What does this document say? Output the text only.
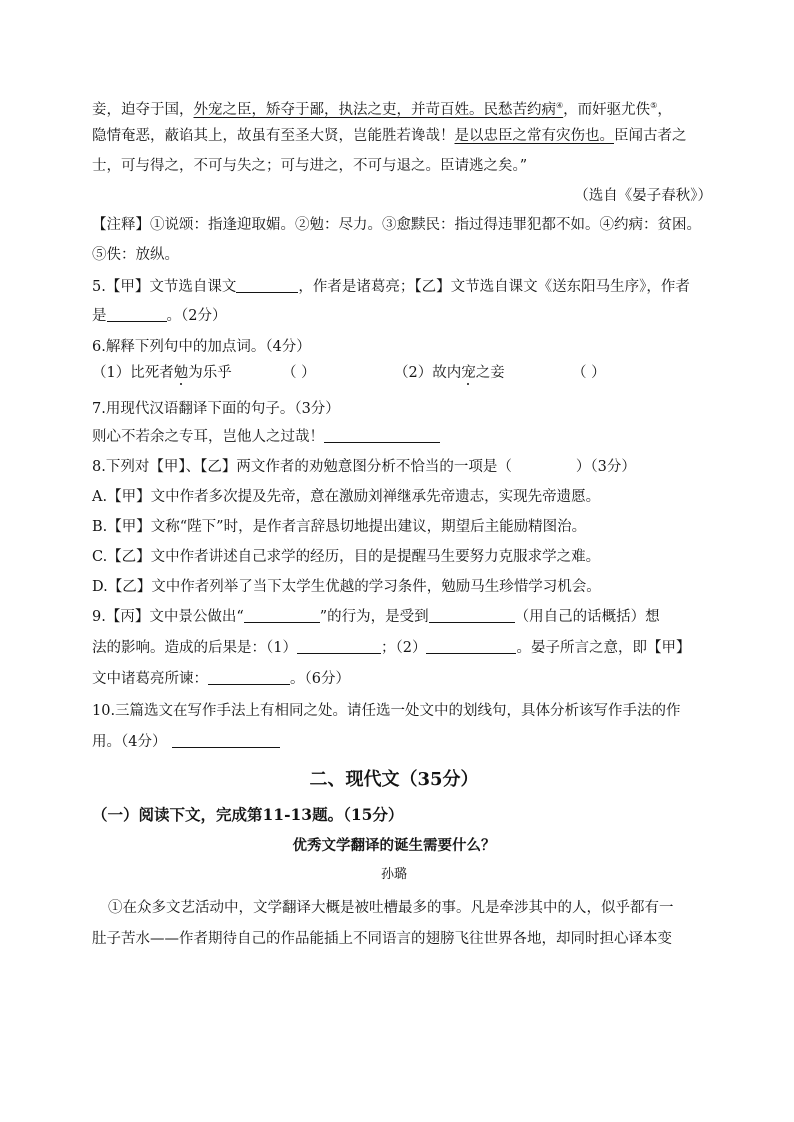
妾，迫夺于国，外宠之臣，矫夺于鄙，执法之吏，并苛百姓。民愁苦约病④，而奸驱尤佚⑤，
隐情奄恶，蔽谄其上，故虽有至圣大贤，岂能胜若谗哉！是以忠臣之常有灾伤也。臣闻古者之
士，可与得之，不可与失之；可与进之，不可与退之。臣请逃之矣。”
（选自《晏子春秋》）
【注释】①说颂：指逢迎取媚。②勉：尽力。③愈黩民：指过得违罪犯都不如。④约病：贫困。
⑤佚：放纵。
5.【甲】文节选自课文	，作者是诸葛亮；【乙】文节选自课文《送东阳马生序》，作者
是	。（2分）
6.解释下列句中的加点词。（4分）
（1）比死者勉为乐乎	（ ）	（2）故内宠之妾	（ ）
7.用现代汉语翻译下面的句子。（3分）
则心不若余之专耳，岂他人之过哉！
8.下列对【甲】、【乙】两文作者的劝勉意图分析不恰当的一项是（	）（3分）
A.【甲】文中作者多次提及先帝，意在激励刘禅继承先帝遗志，实现先帝遗愿。
B.【甲】文称“陛下”时，是作者言辞恳切地提出建议，期望后主能励精图治。
C.【乙】文中作者讲述自己求学的经历，目的是提醒马生要努力克服求学之难。
D.【乙】文中作者列举了当下太学生优越的学习条件，勉励马生珍惜学习机会。
9.【丙】文中景公做出“	”的行为，是受到	（用自己的话概括）想
法的影响。造成的后果是：（1）	；（2）	。晏子所言之意，即【甲】
文中诸葛亮所谏：	。（6分）
10.三篇选文在写作手法上有相同之处。请任选一处文中的划线句，具体分析该写作手法的作
用。（4分）
二、现代文（35分）
（一）阅读下文，完成第11-13题。（15分）
优秀文学翻译的诞生需要什么？
孙璐
①在众多文艺活动中，文学翻译大概是被吐槽最多的事。凡是牵涉其中的人，似乎都有一
肚子苦水——作者期待自己的作品能插上不同语言的翅膀飞往世界各地，却同时担心译本变
